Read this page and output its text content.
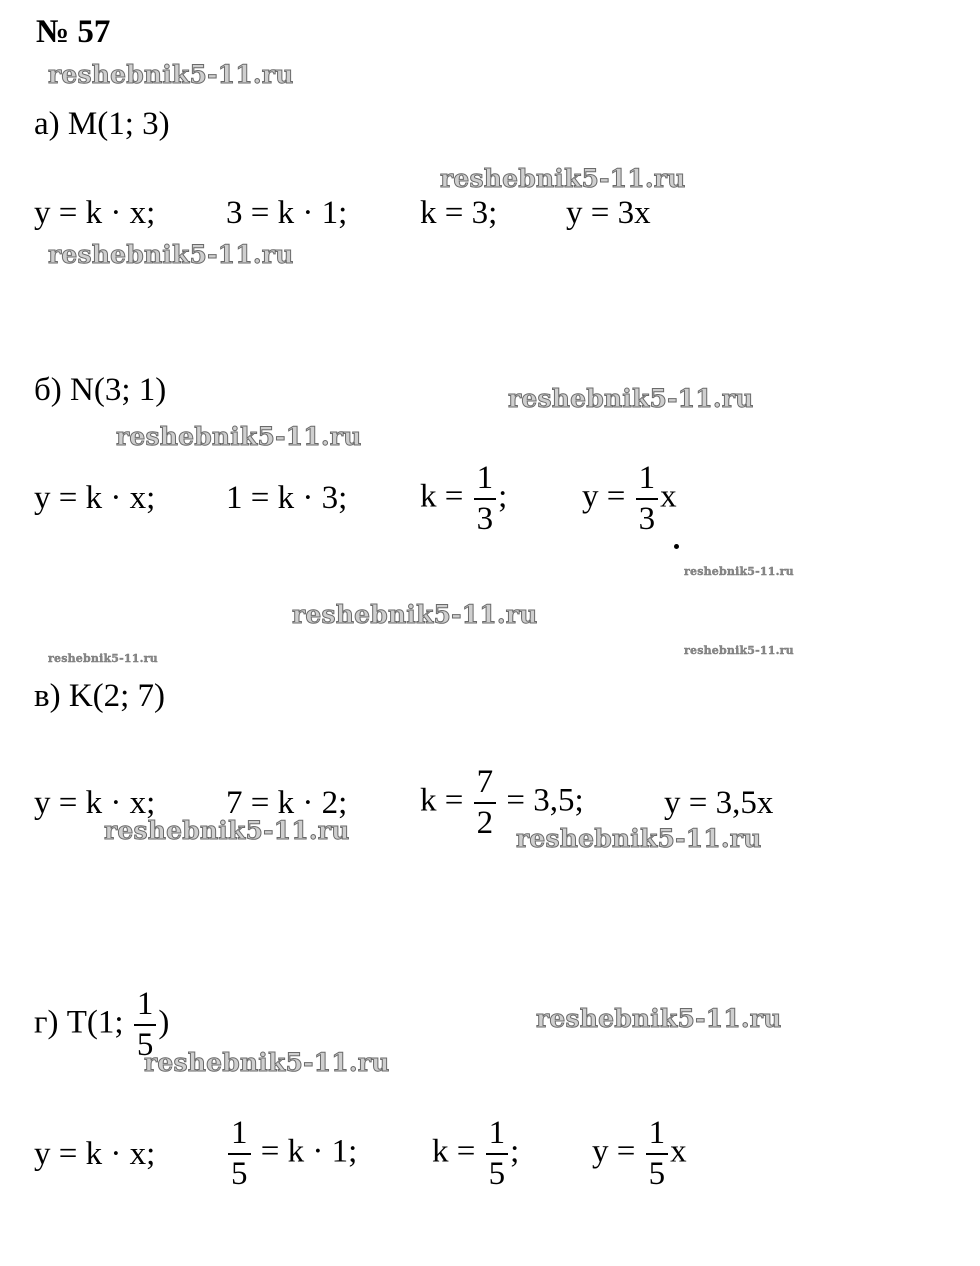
№ 57
а) M(1; 3)
y = k · x; 3 = k · 1; k = 3; y = 3x
б) N(3; 1)
y = k · x; 1 = k · 3; $k = \frac{1}{3}$ ; $y = \frac{1}{3}$ x
в) K(2; 7)
y = k · x; 7 = k · 2; $k = \frac{7}{2} = 3,5$; y = 3,5x
г) T(1; $\frac{1}{5}$ )
y = k · x; $\frac{1}{5} = k \cdot 1$; $k = \frac{1}{5}$ ; $y = \frac{1}{5}$ x
reshebnik5-11.ru
reshebnik5-11.ru
reshebnik5-11.ru
reshebnik5-11.ru
reshebnik5-11.ru
reshebnik5-11.ru
reshebnik5-11.ru
reshebnik5-11.ru
reshebnik5-11.ru
reshebnik5-11.ru	reshebnik5-11.ru
reshebnik5-11.ru
reshebnik5-11.ru
